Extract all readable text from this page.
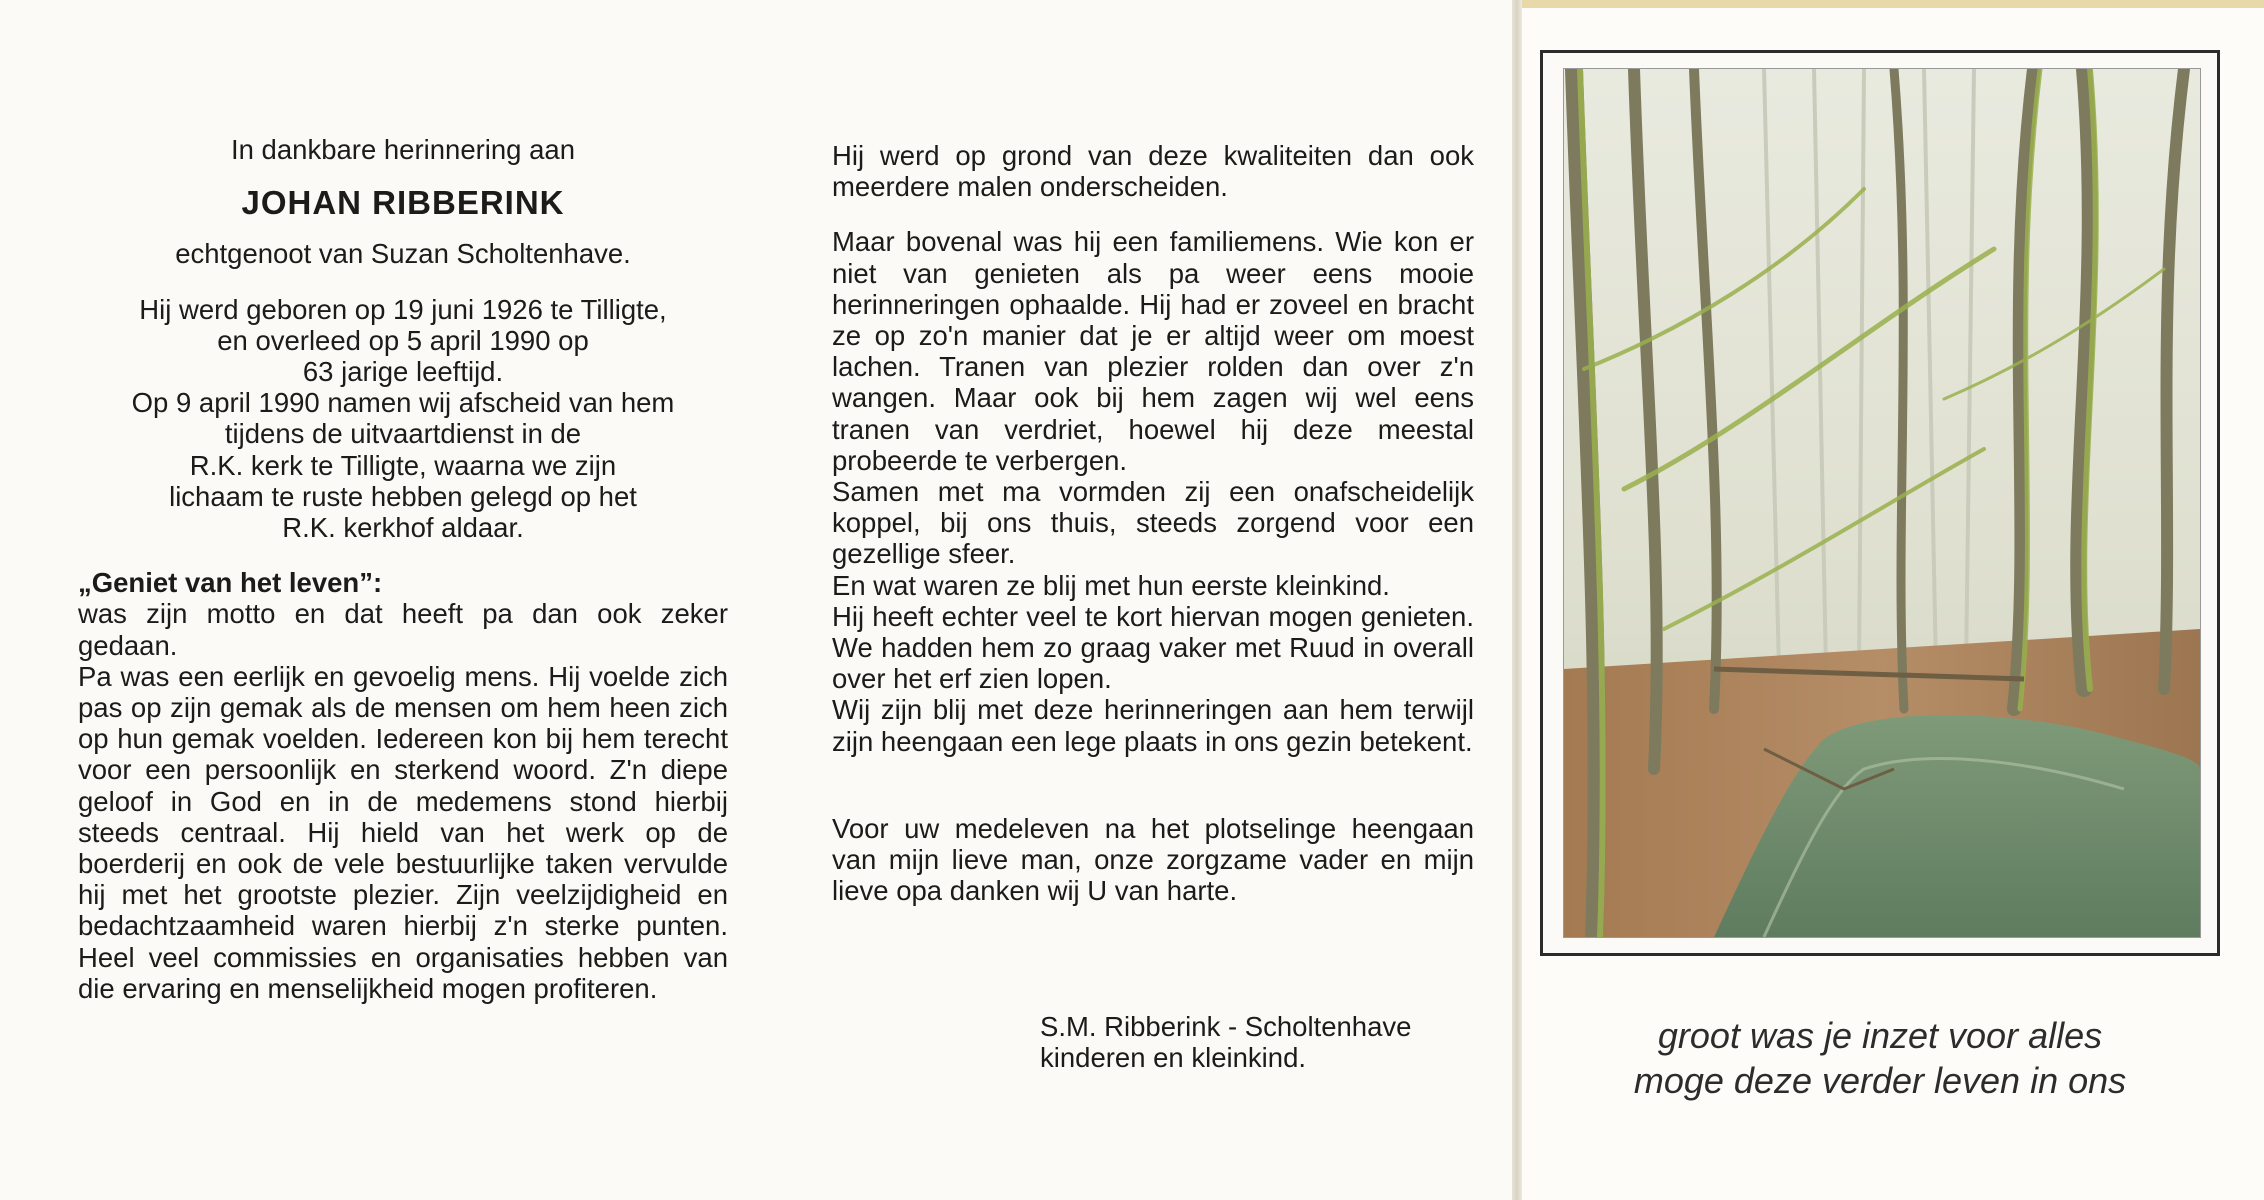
In dankbare herinnering aan

JOHAN RIBBERINK

echtgenoot van Suzan Scholtenhave.

Hij werd geboren op 19 juni 1926 te Tilligte,

en overleed op 5 april 1990 op

63 jarige leeftijd.

Op 9 april 1990 namen wij afscheid van hem

tijdens de uitvaartdienst in de

R.K. kerk te Tilligte, waarna we zijn

lichaam te ruste hebben gelegd op het

R.K. kerkhof aldaar.

„Geniet van het leven”:

was zijn motto en dat heeft pa dan ook zeker gedaan.

Pa was een eerlijk en gevoelig mens. Hij voelde zich pas op zijn gemak als de mensen om hem heen zich op hun gemak voelden. Iedereen kon bij hem terecht voor een persoonlijk en sterkend woord. Z'n diepe geloof in God en in de medemens stond hierbij steeds centraal. Hij hield van het werk op de boerderij en ook de vele bestuurlijke taken vervulde hij met het grootste plezier. Zijn veelzijdigheid en bedachtzaamheid waren hierbij z'n sterke punten. Heel veel commissies en organisaties hebben van die ervaring en menselijkheid mogen profiteren.

Hij werd op grond van deze kwaliteiten dan ook meerdere malen onderscheiden.

Maar bovenal was hij een familiemens. Wie kon er niet van genieten als pa weer eens mooie herinneringen ophaalde. Hij had er zoveel en bracht ze op zo'n manier dat je er altijd weer om moest lachen. Tranen van plezier rolden dan over z'n wangen. Maar ook bij hem zagen wij wel eens tranen van verdriet, hoewel hij deze meestal probeerde te verbergen.

Samen met ma vormden zij een onafscheidelijk koppel, bij ons thuis, steeds zorgend voor een gezellige sfeer.

En wat waren ze blij met hun eerste kleinkind.

Hij heeft echter veel te kort hiervan mogen genieten. We hadden hem zo graag vaker met Ruud in overall over het erf zien lopen.

Wij zijn blij met deze herinneringen aan hem terwijl zijn heengaan een lege plaats in ons gezin betekent.

Voor uw medeleven na het plotselinge heengaan van mijn lieve man, onze zorgzame vader en mijn lieve opa danken wij U van harte.

S.M. Ribberink - Scholtenhave

kinderen en kleinkind.

groot was je inzet voor alles
moge deze verder leven in ons
